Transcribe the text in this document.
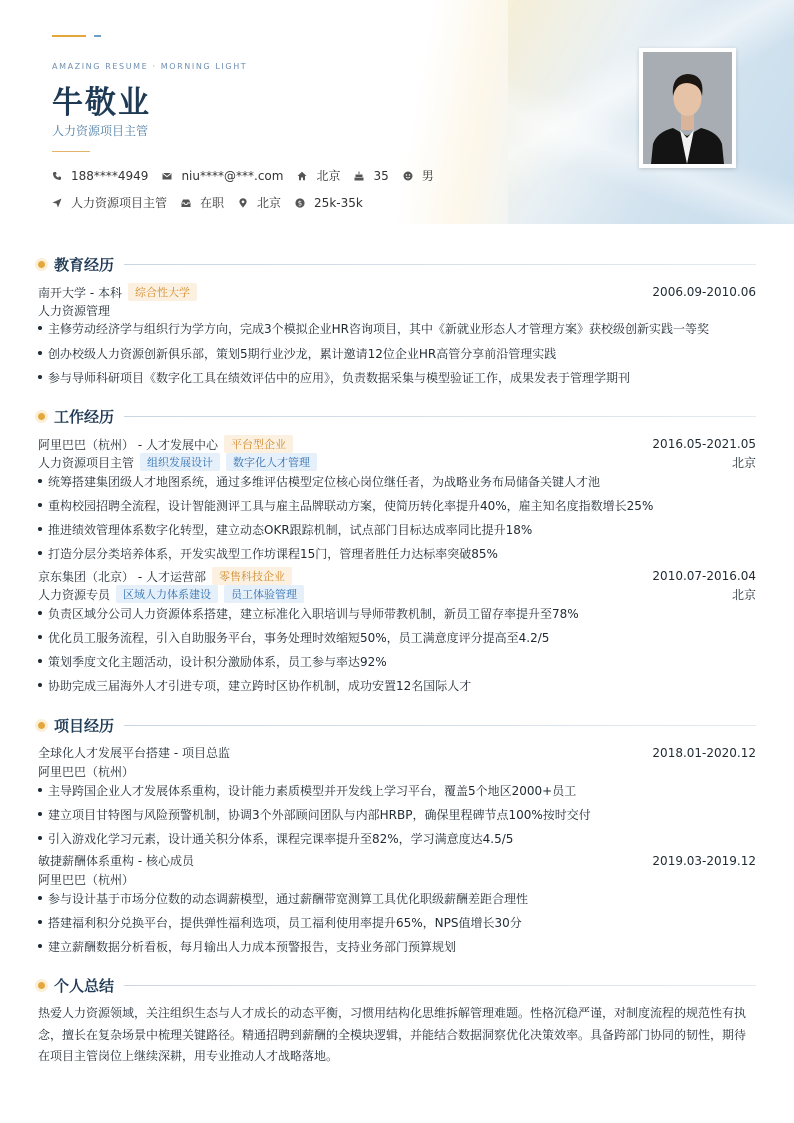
AMAZING RESUME · MORNING LIGHT
牛敬业
人力资源项目主管
188****4949	niu****@***.com	北京	35	男
人力资源项目主管	在职	北京 $ 25k-35k
教育经历
南开大学 - 本科	综合性大学	2006.09-2010.06
人力资源管理
主修劳动经济学与组织行为学方向，完成3个模拟企业HR咨询项目，其中《新就业形态人才管理方案》获校级创新实践一等奖
创办校级人力资源创新俱乐部，策划5期行业沙龙，累计邀请12位企业HR高管分享前沿管理实践
参与导师科研项目《数字化工具在绩效评估中的应用》，负责数据采集与模型验证工作，成果发表于管理学期刊
工作经历
阿里巴巴（杭州） - 人才发展中心	平台型企业	2016.05-2021.05
人力资源项目主管	组织发展设计	数字化人才管理	北京
统筹搭建集团级人才地图系统，通过多维评估模型定位核心岗位继任者，为战略业务布局储备关键人才池
重构校园招聘全流程，设计智能测评工具与雇主品牌联动方案，使简历转化率提升40%，雇主知名度指数增长25%
推进绩效管理体系数字化转型，建立动态OKR跟踪机制，试点部门目标达成率同比提升18%
打造分层分类培养体系，开发实战型工作坊课程15门，管理者胜任力达标率突破85%
京东集团（北京） - 人才运营部	零售科技企业	2010.07-2016.04
人力资源专员	区域人力体系建设	员工体验管理	北京
负责区域分公司人力资源体系搭建，建立标准化入职培训与导师带教机制，新员工留存率提升至78%
优化员工服务流程，引入自助服务平台，事务处理时效缩短50%，员工满意度评分提高至4.2/5
策划季度文化主题活动，设计积分激励体系，员工参与率达92%
协助完成三届海外人才引进专项，建立跨时区协作机制，成功安置12名国际人才
项目经历
全球化人才发展平台搭建 - 项目总监	2018.01-2020.12
阿里巴巴（杭州）
主导跨国企业人才发展体系重构，设计能力素质模型并开发线上学习平台，覆盖5个地区2000+员工
建立项目甘特图与风险预警机制，协调3个外部顾问团队与内部HRBP，确保里程碑节点100%按时交付
引入游戏化学习元素，设计通关积分体系，课程完课率提升至82%，学习满意度达4.5/5
敏捷薪酬体系重构 - 核心成员	2019.03-2019.12
阿里巴巴（杭州）
参与设计基于市场分位数的动态调薪模型，通过薪酬带宽测算工具优化职级薪酬差距合理性
搭建福利积分兑换平台，提供弹性福利选项，员工福利使用率提升65%，NPS值增长30分
建立薪酬数据分析看板，每月输出人力成本预警报告，支持业务部门预算规划
个人总结
热爱人力资源领域，关注组织生态与人才成长的动态平衡，习惯用结构化思维拆解管理难题。性格沉稳严谨，对制度流程的规范性有执念，擅长在复杂场景中梳理关键路径。精通招聘到薪酬的全模块逻辑，并能结合数据洞察优化决策效率。具备跨部门协同的韧性，期待在项目主管岗位上继续深耕，用专业推动人才战略落地。
